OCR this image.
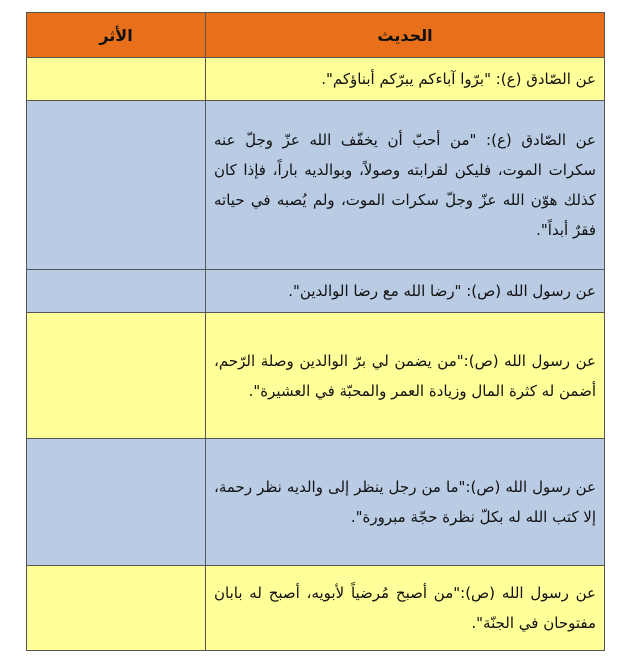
الحديث	الأثر
عن الصّادق (ع): "برّوا آباءكم يبرّكم أبناؤكم".	
عن الصّادق (ع): "من أحبّ أن يخفّف الله عزّ وجلّ عنه سكرات الموت، فليكن لقرابته وصولاً، وبوالديه باراً، فإذا كان كذلك هوّن الله عزّ وجلّ سكرات الموت، ولم يُصبه في حياته فقرٌ أبداً".	
عن رسول الله (ص): "رضا الله مع رضا الوالدين".	
عن رسول الله (ص):"من يضمن لي برّ الوالدين وصلة الرّحم، أضمن له كثرة المال وزيادة العمر والمحبّة في العشيرة".	
عن رسول الله (ص):"ما من رجل ينظر إلى والديه نظر رحمة، إلا كتب الله له بكلّ نظرة حجّة مبرورة".	
عن رسول الله (ص):"من أصبح مُرضياً لأبويه، أصبح له بابان مفتوحان في الجنّة".	
